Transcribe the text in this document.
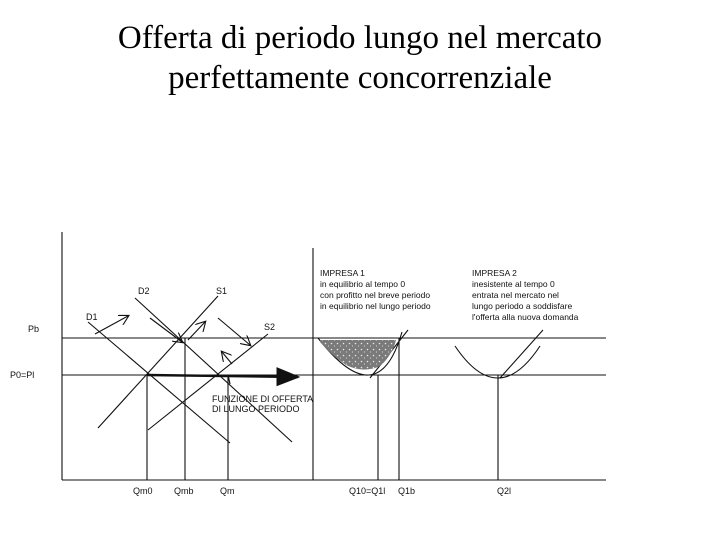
Offerta di periodo lungo nel mercato
perfettamente concorrenziale
Pb
P0=Pl
D1
D2	S1
S2
Qm0 Qmb	Qm	Q10=Q1l Q1b	Q2l
FUNZIONE DI OFFERTA
DI LUNGO PERIODO
IMPRESA 1
in equilibrio al tempo 0
con profitto nel breve periodo
in equilibrio nel lungo periodo
IMPRESA 2
inesistente al tempo 0
entrata nel mercato nel
lungo periodo a soddisfare
l'offerta alla nuova domanda
